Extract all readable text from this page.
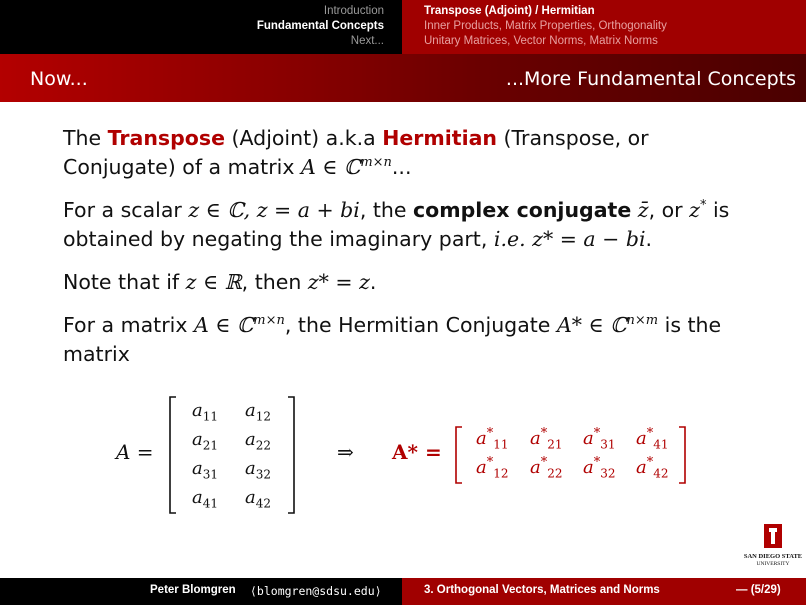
Introduction
Fundamental Concepts
Next...
Transpose (Adjoint) / Hermitian
Inner Products, Matrix Properties, Orthogonality
Unitary Matrices, Vector Norms, Matrix Norms
Now...	...More Fundamental Concepts

The Transpose (Adjoint) a.k.a Hermitian (Transpose, or Conjugate) of a matrix A ∈ ℂ$^{m\times n}$...

For a scalar z ∈ ℂ, z = a + bi, the complex conjugate z̄, or z* is obtained by negating the imaginary part, i.e. z* = a − bi.

Note that if z ∈ ℝ, then z* = z.

For a matrix A ∈ ℂ$^{m\times n}$, the Hermitian Conjugate A* ∈ ℂ$^{n\times m}$ is the matrix

A =
$a_{11}$ $a_{12}$
$a_{21}$ $a_{22}$
$a_{31}$ $a_{32}$
$a_{41}$ $a_{42}$
⇒ A* =
$a^*_{11}$ $a^*_{21}$ $a^*_{31}$ $a^*_{41}$
$a^*_{12}$ $a^*_{22}$ $a^*_{32}$ $a^*_{42}$
SAN DIEGO STATE
UNIVERSITY
Peter Blomgren ⟨blomgren@sdsu.edu⟩	3. Orthogonal Vectors, Matrices and Norms	— (5/29)
